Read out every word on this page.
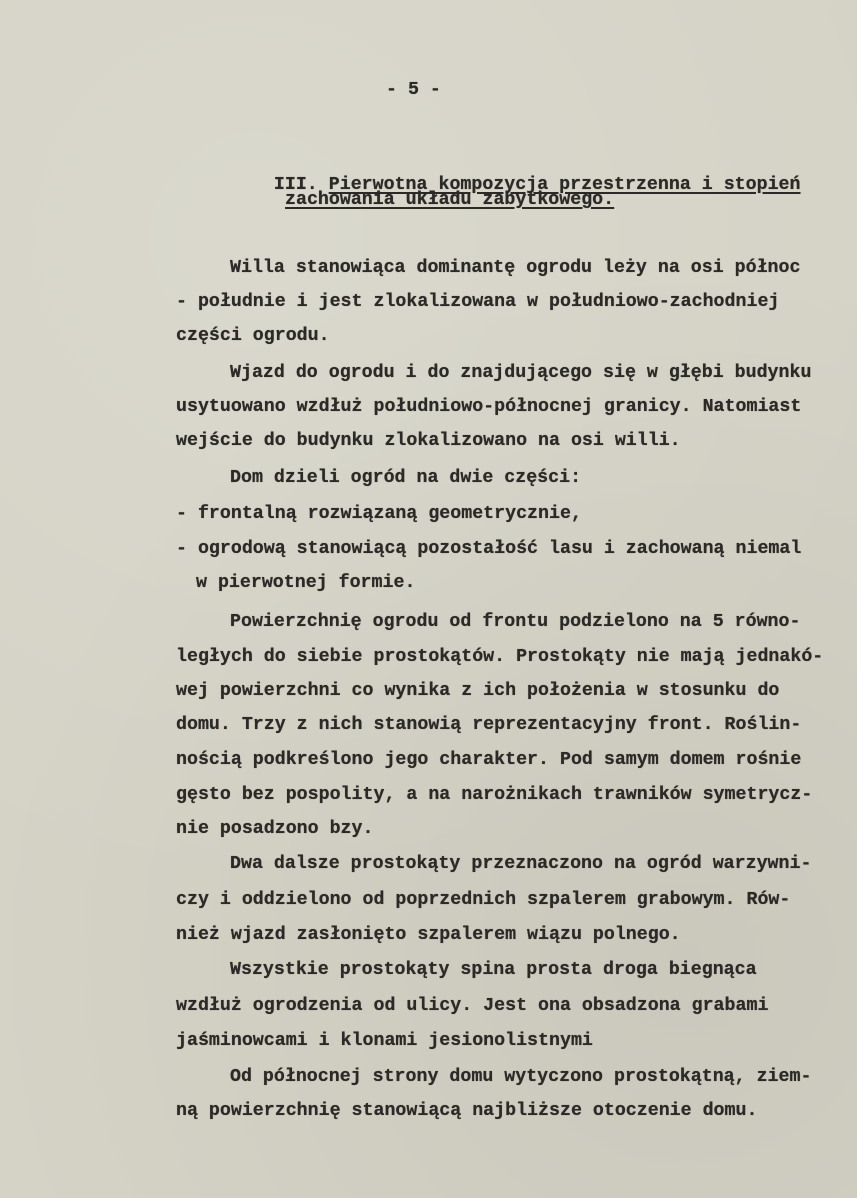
- 5 -

III. Pierwotna kompozycja przestrzenna i stopień

zachowania układu zabytkowego.
Willa stanowiąca dominantę ogrodu leży na osi północ
- południe i jest zlokalizowana w południowo-zachodniej
części ogrodu.
Wjazd do ogrodu i do znajdującego się w głębi budynku
usytuowano wzdłuż południowo-północnej granicy. Natomiast
wejście do budynku zlokalizowano na osi willi.
Dom dzieli ogród na dwie części:
- frontalną rozwiązaną geometrycznie,
- ogrodową stanowiącą pozostałość lasu i zachowaną niemal
w pierwotnej formie.
Powierzchnię ogrodu od frontu podzielono na 5 równo-
ległych do siebie prostokątów. Prostokąty nie mają jednakó-
wej powierzchni co wynika z ich położenia w stosunku do
domu. Trzy z nich stanowią reprezentacyjny front. Roślin-
nością podkreślono jego charakter. Pod samym domem rośnie
gęsto bez pospolity, a na narożnikach trawników symetrycz-
nie posadzono bzy.
Dwa dalsze prostokąty przeznaczono na ogród warzywni-
czy i oddzielono od poprzednich szpalerem grabowym. Rów-
nież wjazd zasłonięto szpalerem wiązu polnego.
Wszystkie prostokąty spina prosta droga biegnąca
wzdłuż ogrodzenia od ulicy. Jest ona obsadzona grabami
jaśminowcami i klonami jesionolistnymi
Od północnej strony domu wytyczono prostokątną, ziem-
ną powierzchnię stanowiącą najbliższe otoczenie domu.
